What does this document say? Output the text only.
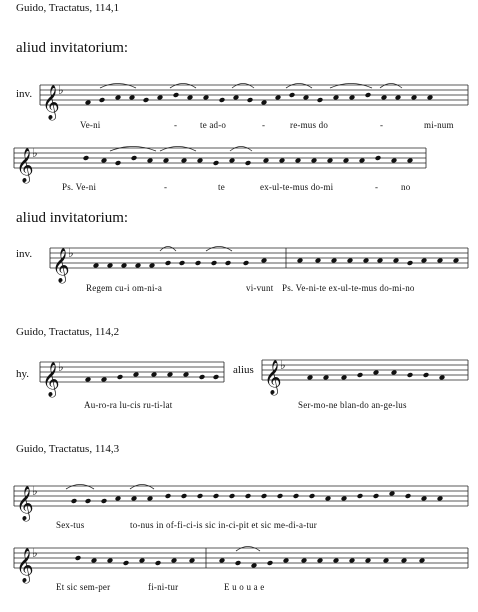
Guido, Tractatus, 114,1
aliud invitatorium:
inv.
Ve-ni	-	te ad-o	-	re-mus do	-	mi-num
Ps. Ve-ni	-	te	ex-ul-te-mus do-mi	-	no
aliud invitatorium:
inv.
Regem cu-i om-ni-a	vi-vunt Ps. Ve-ni-te ex-ul-te-mus do-mi-no
Guido, Tractatus, 114,2
hy.	alius
Au-ro-ra lu-cis ru-ti-lat	Ser-mo-ne blan-do an-ge-lus
Guido, Tractatus, 114,3
Sex-tus	to-nus in of-fi-ci-is sic in-ci-pit et sic me-di-a-tur
Et sic sem-per	fi-ni-tur	E u o u a e
𝄞
♭
𝄞
♭
𝄞
♭
𝄞
♭	𝄞
♭
𝄞
♭
𝄞
♭
